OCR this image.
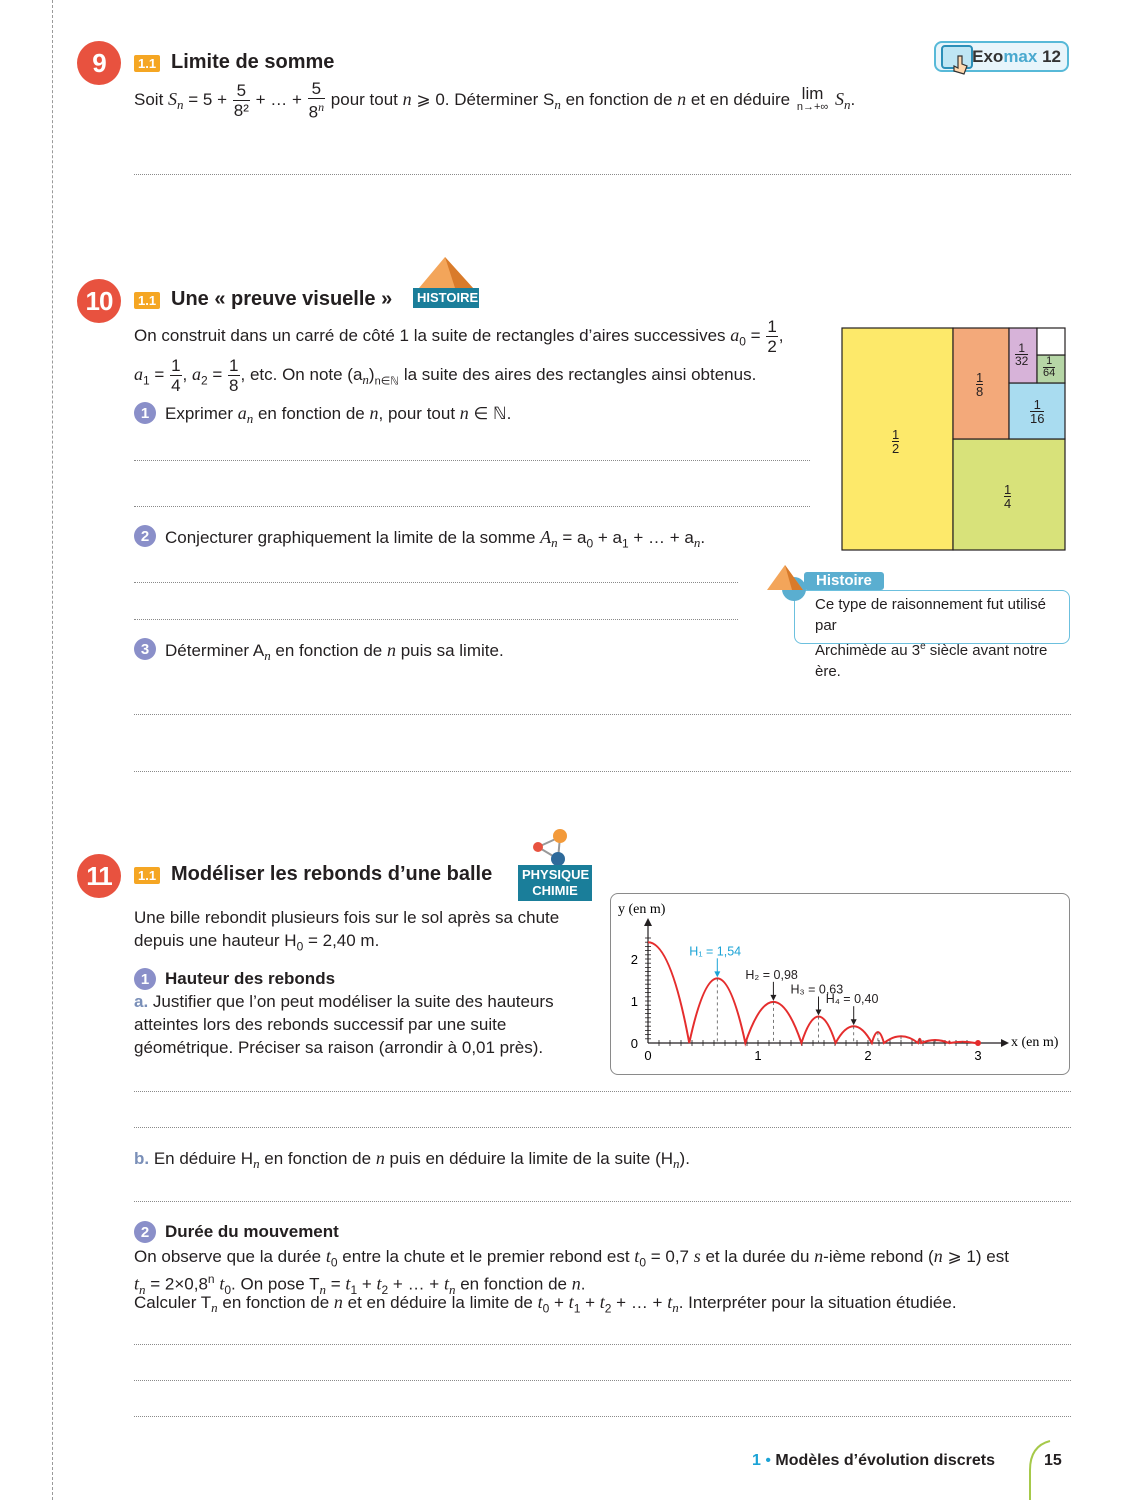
9	1.1 Limite de somme	Exo max
12
Soit $S_n = 5 + \frac{5}{\text{8²}}$ + … + $\frac{5}{8^n}$ pour tout n ⩾ 0. Déterminer $S_n$ en fonction de n et en déduire lim
n→+∞ $S_n$.
10	1.1 Une « preuve visuelle »	HISTOIRE
On construit dans un carré de côté 1 la suite de rectangles d’aires successives $a_0 = \frac{1}{2}$ ,
$a_1 = \frac{1}{4}$ , $a_2 = \frac{1}{8}$ , etc. On note $(a_n)_{n\in ℕ}$ la suite des aires des rectangles ainsi obtenus.
1 Exprimer $a_n$ en fonction de n, pour tout n ∈ ℕ.
2 Conjecturer graphiquement la limite de la somme $A_n = a_0 + a_1$ + … + $a_n$.
3 Déterminer $A_n$ en fonction de n puis sa limite.
$\frac{1}{2}$
$\frac{1}{4}$
$\frac{1}{8}$
$\frac{1}{16}$
$\frac{1}{32}$
$\frac{1}{64}$
Ce type de raisonnement fut utilisé par
Archimède au 3e siècle avant notre ère.
Histoire
11	1.1 Modéliser les rebonds d’une balle PHYSIQUE
CHIMIE
Une bille rebondit plusieurs fois sur le sol après sa chute
depuis une hauteur $H_0 = 2,40$ m.
1 Hauteur des rebonds
a. Justifier que l’on peut modéliser la suite des hauteurs
atteintes lors des rebonds successif par une suite
géométrique. Préciser sa raison (arrondir à 0,01 près).
b. En déduire $H_n$ en fonction de n puis en déduire la limite de la suite $(H_n)$.
2 Durée du mouvement
On observe que la durée $t_0$ entre la chute et le premier rebond est $t_0 = 0,7$ s et la durée du n-ième rebond (n ⩾ 1) est
$t_n = 2\times 0,8^n$ $t_0$. On pose $T_n = t_1 + t_2$ + … + $t_n$ en fonction de n.
Calculer $T_n$ en fonction de n et en déduire la limite de $t_0 + t_1 + t_2$ + … + $t_n$. Interpréter pour la situation étudiée.
0	1	2	3
0
1
2
y (en m)
x (en m)
H₁ = 1,54
H₂ = 0,98
H₃ = 0,63
H₄ = 0,40
1 • Modèles d’évolution discrets	15
